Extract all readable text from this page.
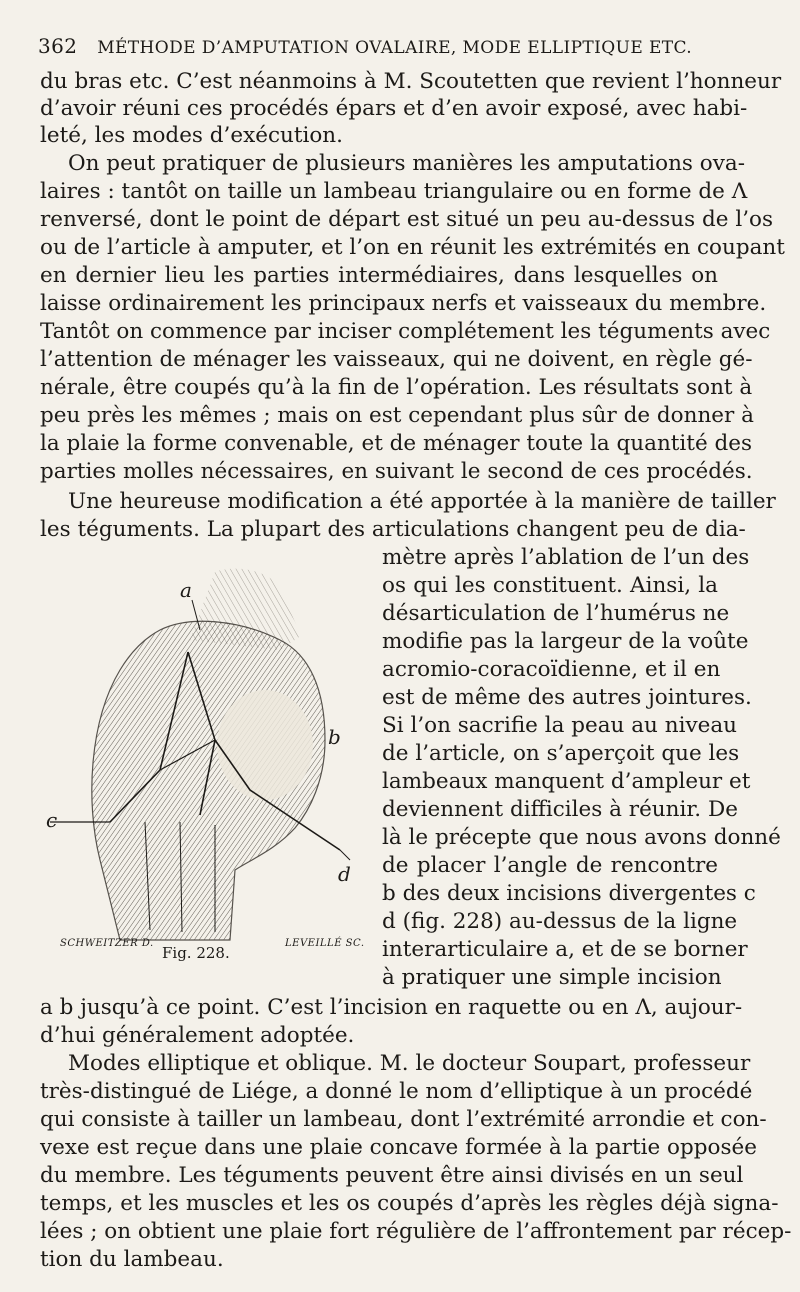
362 MÉTHODE D’AMPUTATION OVALAIRE, MODE ELLIPTIQUE ETC.
du bras etc. C’est néanmoins à M. Scoutetten que revient l’honneur
d’avoir réuni ces procédés épars et d’en avoir exposé, avec habi-
leté, les modes d’exécution.
On peut pratiquer de plusieurs manières les amputations ova-
laires : tantôt on taille un lambeau triangulaire ou en forme de Λ
renversé, dont le point de départ est situé un peu au-dessus de l’os
ou de l’article à amputer, et l’on en réunit les extrémités en coupant
en dernier lieu les parties intermédiaires, dans lesquelles on
laisse ordinairement les principaux nerfs et vaisseaux du membre.
Tantôt on commence par inciser complétement les téguments avec
l’attention de ménager les vaisseaux, qui ne doivent, en règle gé-
nérale, être coupés qu’à la fin de l’opération. Les résultats sont à
peu près les mêmes ; mais on est cependant plus sûr de donner à
la plaie la forme convenable, et de ménager toute la quantité des
parties molles nécessaires, en suivant le second de ces procédés.
Une heureuse modification a été apportée à la manière de tailler
les téguments. La plupart des articulations changent peu de dia-
a
b
c
d
SCHWEITZER D.	LEVEILLÉ SC.
Fig. 228.
mètre après l’ablation de l’un des
os qui les constituent. Ainsi, la
désarticulation de l’humérus ne
modifie pas la largeur de la voûte
acromio-coracoïdienne, et il en
est de même des autres jointures.
Si l’on sacrifie la peau au niveau
de l’article, on s’aperçoit que les
lambeaux manquent d’ampleur et
deviennent difficiles à réunir. De
là le précepte que nous avons donné
de placer l’angle de rencontre
b des deux incisions divergentes c
d (fig. 228) au-dessus de la ligne
interarticulaire a, et de se borner
à pratiquer une simple incision
a b jusqu’à ce point. C’est l’incision en raquette ou en Λ, aujour-
d’hui généralement adoptée.
Modes elliptique et oblique. M. le docteur Soupart, professeur
très-distingué de Liége, a donné le nom d’elliptique à un procédé
qui consiste à tailler un lambeau, dont l’extrémité arrondie et con-
vexe est reçue dans une plaie concave formée à la partie opposée
du membre. Les téguments peuvent être ainsi divisés en un seul
temps, et les muscles et les os coupés d’après les règles déjà signa-
lées ; on obtient une plaie fort régulière de l’affrontement par récep-
tion du lambeau.
